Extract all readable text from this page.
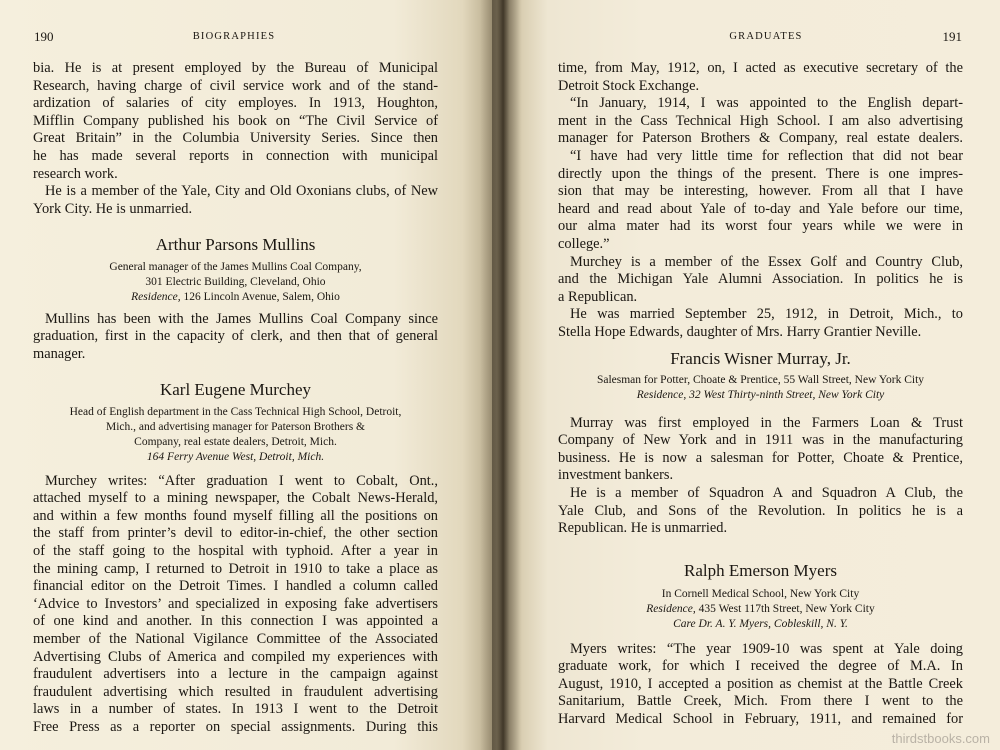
190	BIOGRAPHIES

bia. He is at present employed by the Bureau of Municipal

Research, having charge of civil service work and of the stand-

ardization of salaries of city employes. In 1913, Houghton,

Mifflin Company published his book on “The Civil Service of

Great Britain” in the Columbia University Series. Since then

he has made several reports in connection with municipal

research work.

He is a member of the Yale, City and Old Oxonians clubs, of New York City. He is unmarried.

Arthur Parsons Mullins

General manager of the James Mullins Coal Company,

301 Electric Building, Cleveland, Ohio

Residence, 126 Lincoln Avenue, Salem, Ohio

Mullins has been with the James Mullins Coal Company since

graduation, first in the capacity of clerk, and then that of general

manager.

Karl Eugene Murchey

Head of English department in the Cass Technical High School, Detroit,

Mich., and advertising manager for Paterson Brothers &

Company, real estate dealers, Detroit, Mich.

164 Ferry Avenue West, Detroit, Mich.

Murchey writes: “After graduation I went to Cobalt, Ont.,

attached myself to a mining newspaper, the Cobalt News-Herald,

and within a few months found myself filling all the positions on

the staff from printer’s devil to editor-in-chief, the other section

of the staff going to the hospital with typhoid. After a year in

the mining camp, I returned to Detroit in 1910 to take a place as

financial editor on the Detroit Times. I handled a column called

‘Advice to Investors’ and specialized in exposing fake advertisers

of one kind and another. In this connection I was appointed a

member of the National Vigilance Committee of the Associated

Advertising Clubs of America and compiled my experiences with

fraudulent advertisers into a lecture in the campaign against

fraudulent advertising which resulted in fraudulent advertising

laws in a number of states. In 1913 I went to the Detroit

Free Press as a reporter on special assignments. During this

GRADUATES	191

time, from May, 1912, on, I acted as executive secretary of the

Detroit Stock Exchange.

“In January, 1914, I was appointed to the English depart-

ment in the Cass Technical High School. I am also advertising

manager for Paterson Brothers & Company, real estate dealers.

“I have had very little time for reflection that did not bear

directly upon the things of the present. There is one impres-

sion that may be interesting, however. From all that I have

heard and read about Yale of to-day and Yale before our time,

our alma mater had its worst four years while we were in

college.”

Murchey is a member of the Essex Golf and Country Club,

and the Michigan Yale Alumni Association. In politics he is

a Republican.

He was married September 25, 1912, in Detroit, Mich., to

Stella Hope Edwards, daughter of Mrs. Harry Grantier Neville.

Francis Wisner Murray, Jr.

Salesman for Potter, Choate & Prentice, 55 Wall Street, New York City

Residence, 32 West Thirty-ninth Street, New York City

Murray was first employed in the Farmers Loan & Trust

Company of New York and in 1911 was in the manufacturing

business. He is now a salesman for Potter, Choate & Prentice,

investment bankers.

He is a member of Squadron A and Squadron A Club, the

Yale Club, and Sons of the Revolution. In politics he is a

Republican. He is unmarried.

Ralph Emerson Myers

In Cornell Medical School, New York City

Residence, 435 West 117th Street, New York City

Care Dr. A. Y. Myers, Cobleskill, N. Y.

Myers writes: “The year 1909-10 was spent at Yale doing

graduate work, for which I received the degree of M.A. In

August, 1910, I accepted a position as chemist at the Battle Creek

Sanitarium, Battle Creek, Mich. From there I went to the

Harvard Medical School in February, 1911, and remained for

thirdstbooks.com
